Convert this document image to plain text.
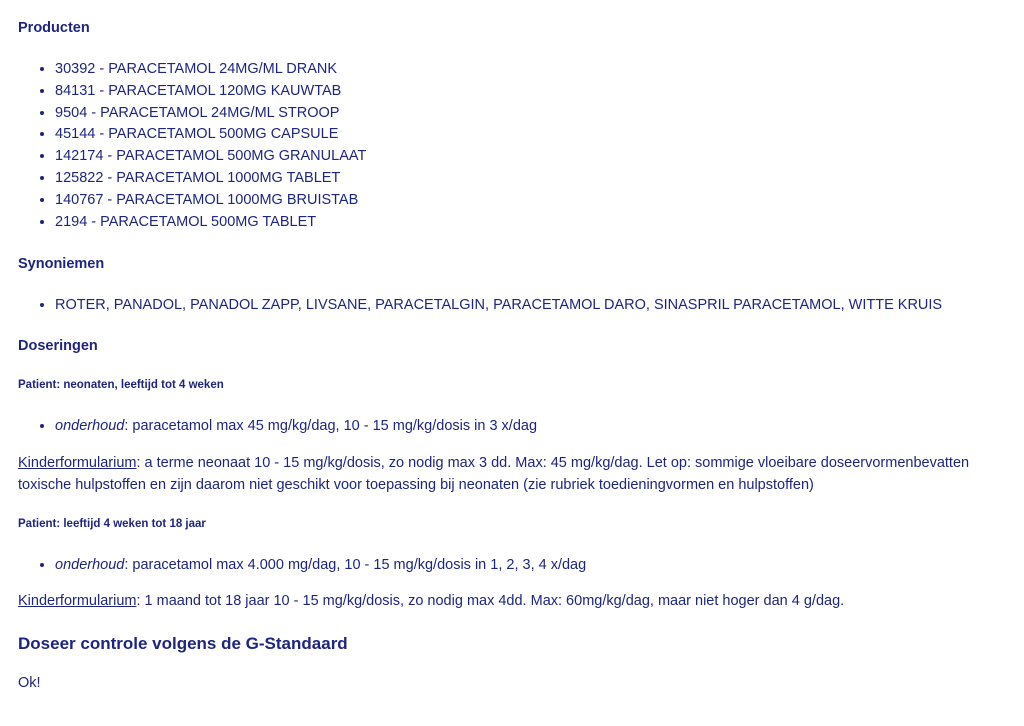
Producten
• 30392 - PARACETAMOL 24MG/ML DRANK
• 84131 - PARACETAMOL 120MG KAUWTAB
• 9504 - PARACETAMOL 24MG/ML STROOP
• 45144 - PARACETAMOL 500MG CAPSULE
• 142174 - PARACETAMOL 500MG GRANULAAT
• 125822 - PARACETAMOL 1000MG TABLET
• 140767 - PARACETAMOL 1000MG BRUISTAB
• 2194 - PARACETAMOL 500MG TABLET
Synoniemen
• ROTER, PANADOL, PANADOL ZAPP, LIVSANE, PARACETALGIN, PARACETAMOL DARO, SINASPRIL PARACETAMOL, WITTE KRUIS
Doseringen
Patient: neonaten, leeftijd tot 4 weken
• onderhoud: paracetamol max 45 mg/kg/dag, 10 - 15 mg/kg/dosis in 3 x/dag

Kinderformularium: a terme neonaat 10 - 15 mg/kg/dosis, zo nodig max 3 dd. Max: 45 mg/kg/dag. Let op: sommige vloeibare doseervormenbevatten toxische hulpstoffen en zijn daarom niet geschikt voor toepassing bij neonaten (zie rubriek toedieningvormen en hulpstoffen)

Patient: leeftijd 4 weken tot 18 jaar
• onderhoud: paracetamol max 4.000 mg/dag, 10 - 15 mg/kg/dosis in 1, 2, 3, 4 x/dag

Kinderformularium: 1 maand tot 18 jaar 10 - 15 mg/kg/dosis, zo nodig max 4dd. Max: 60mg/kg/dag, maar niet hoger dan 4 g/dag.

Doseer controle volgens de G-Standaard

Ok!
